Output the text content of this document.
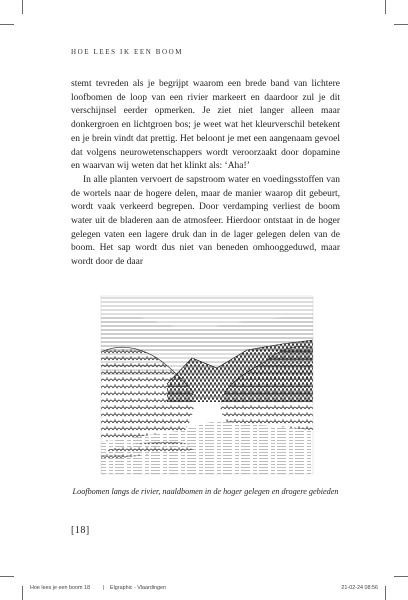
HOE LEES IK EEN BOOM

stemt tevreden als je begrijpt waarom een brede band van lichtere loofbomen de loop van een rivier markeert en daardoor zul je dit verschijnsel eerder opmerken. Je ziet niet langer alleen maar donkergroen en lichtgroen bos; je weet wat het kleurverschil betekent en je brein vindt dat prettig. Het beloont je met een aangenaam gevoel dat volgens neurowetenschappers wordt veroorzaakt door dopamine en waarvan wij weten dat het klinkt als: ‘Aha!’

In alle planten vervoert de sapstroom water en voedingsstoffen van de wortels naar de hogere delen, maar de manier waarop dit gebeurt, wordt vaak verkeerd begrepen. Door verdamping verliest de boom water uit de bladeren aan de atmosfeer. Hierdoor ontstaat in de hoger gelegen vaten een lagere druk dan in de lager gelegen delen van de boom. Het sap wordt dus niet van beneden omhooggeduwd, maar wordt door de daar

Loofbomen langs de rivier, naaldbomen in de hoger gelegen en drogere gebieden
[18]
Hoe lees je een boom 18 | Elgraphic - Vlaardingen	21-02-24 08:56
